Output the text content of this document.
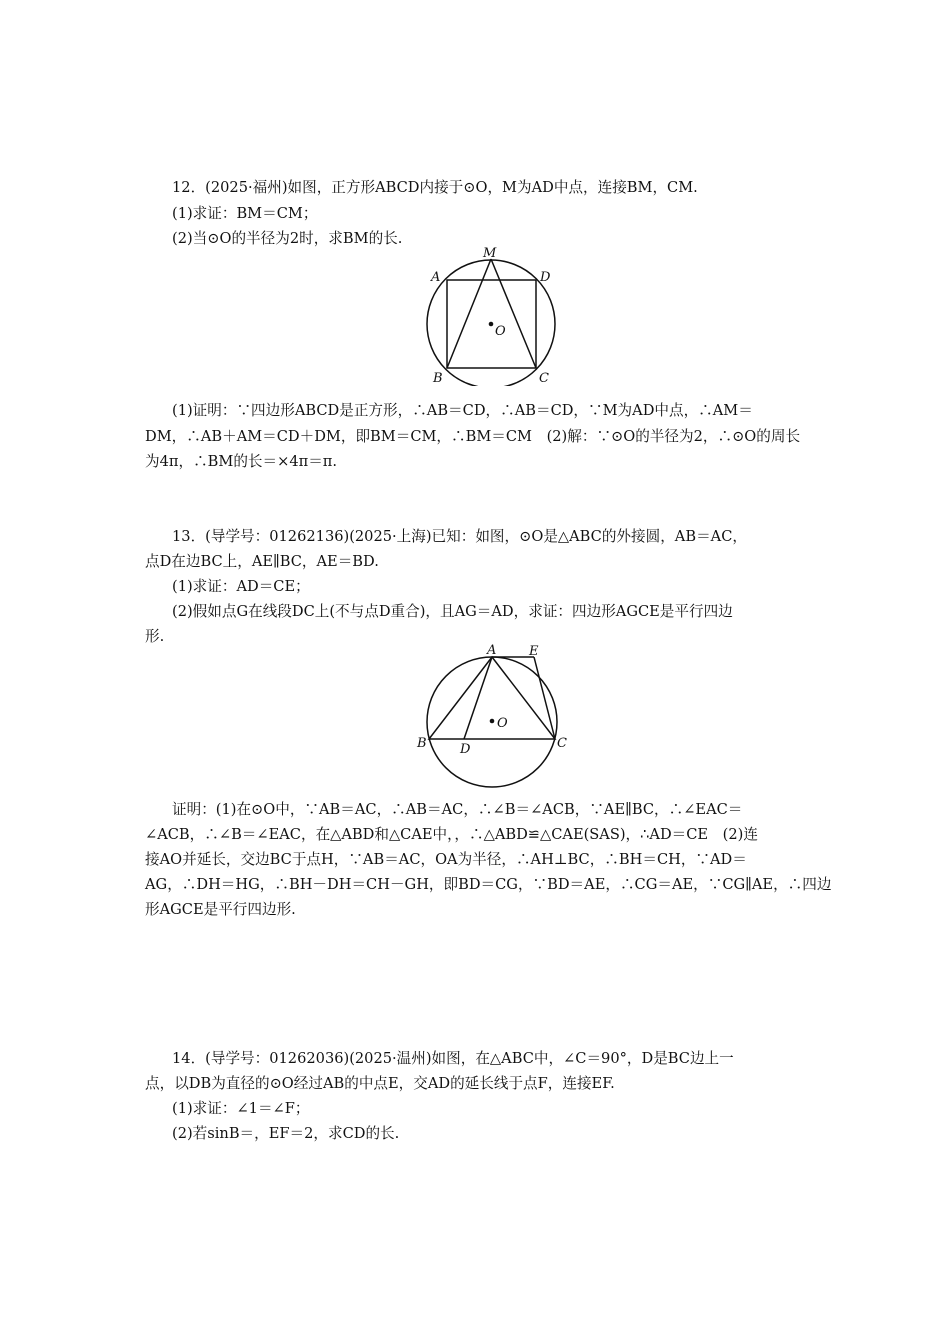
12．(2025·福州)如图，正方形ABCD内接于⊙O，M为AD中点，连接BM，CM.
(1)求证：BM＝CM；
(2)当⊙O的半径为2时，求BM的长.
M
A	D
O
B	C
(1)证明：∵四边形ABCD是正方形，∴AB＝CD，∴AB＝CD，∵M为AD中点，∴AM＝
DM，∴AB＋AM＝CD＋DM，即BM＝CM，∴BM＝CM　(2)解：∵⊙O的半径为2，∴⊙O的周长
为4π，∴BM的长＝×4π＝π.
13．(导学号：01262136)(2025·上海)已知：如图，⊙O是△ABC的外接圆，AB＝AC，
点D在边BC上，AE∥BC，AE＝BD.
(1)求证：AD＝CE；
(2)假如点G在线段DC上(不与点D重合)，且AG＝AD，求证：四边形AGCE是平行四边
形.
A	E
O
B	D	C
证明：(1)在⊙O中，∵AB＝AC，∴AB＝AC，∴∠B＝∠ACB，∵AE∥BC，∴∠EAC＝
∠ACB，∴∠B＝∠EAC，在△ABD和△CAE中，，∴△ABD≌△CAE(SAS)，∴AD＝CE　(2)连
接AO并延长，交边BC于点H，∵AB＝AC，OA为半径，∴AH⊥BC，∴BH＝CH，∵AD＝
AG，∴DH＝HG，∴BH－DH＝CH－GH，即BD＝CG，∵BD＝AE，∴CG＝AE，∵CG∥AE，∴四边
形AGCE是平行四边形.
14．(导学号：01262036)(2025·温州)如图，在△ABC中，∠C＝90°，D是BC边上一
点，以DB为直径的⊙O经过AB的中点E，交AD的延长线于点F，连接EF.
(1)求证：∠1＝∠F；
(2)若sinB＝，EF＝2，求CD的长.
